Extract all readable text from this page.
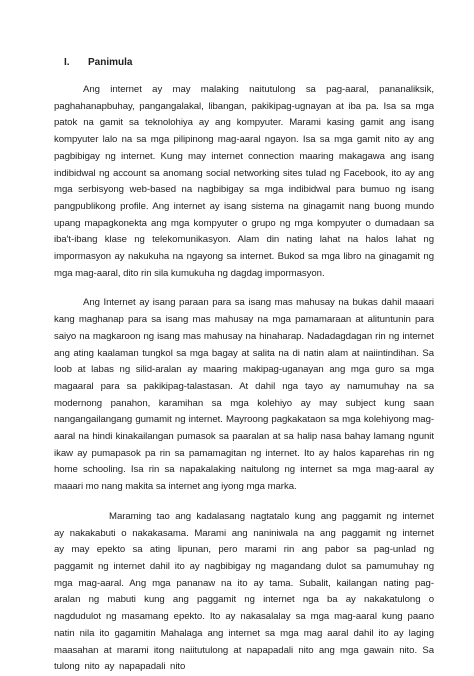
I.	Panimula

Ang internet ay may malaking naitutulong sa pag-aaral, pananaliksik, paghahanapbuhay, pangangalakal, libangan, pakikipag-ugnayan at iba pa. Isa sa mga patok na gamit sa teknolohiya ay ang kompyuter. Marami kasing gamit ang isang kompyuter lalo na sa mga pilipinong mag-aaral ngayon. Isa sa mga gamit nito ay ang pagbibigay ng internet. Kung may internet connection maaring makagawa ang isang indibidwal ng account sa anomang social networking sites tulad ng Facebook, ito ay ang mga serbisyong web-based na nagbibigay sa mga indibidwal para bumuo ng isang pangpublikong profile. Ang internet ay isang sistema na ginagamit nang buong mundo upang mapagkonekta ang mga kompyuter o grupo ng mga kompyuter o dumadaan sa iba't-ibang klase ng telekomunikasyon. Alam din nating lahat na halos lahat ng impormasyon ay nakukuha na ngayong sa internet. Bukod sa mga libro na ginagamit ng mga mag-aaral, dito rin sila kumukuha ng dagdag impormasyon.

Ang Internet ay isang paraan para sa isang mas mahusay na bukas dahil maaari kang maghanap para sa isang mas mahusay na mga pamamaraan at alituntunin para saiyo na magkaroon ng isang mas mahusay na hinaharap. Nadadagdagan rin ng internet ang ating kaalaman tungkol sa mga bagay at salita na di natin alam at naiintindihan. Sa loob at labas ng silid-aralan ay maaring makipag-uganayan ang mga guro sa mga magaaral para sa pakikipag-talastasan. At dahil nga tayo ay namumuhay na sa modernong panahon, karamihan sa mga kolehiyo ay may subject kung saan nangangailangang gumamit ng internet. Mayroong pagkakataon sa mga kolehiyong mag-aaral na hindi kinakailangan pumasok sa paaralan at sa halip nasa bahay lamang ngunit ikaw ay pumapasok pa rin sa pamamagitan ng internet. Ito ay halos kaparehas rin ng home schooling. Isa rin sa napakalaking naitulong ng internet sa mga mag-aaral ay maaari mo nang makita sa internet ang iyong mga marka.

Maraming tao ang kadalasang nagtatalo kung ang paggamit ng internet ay nakakabuti o nakakasama. Marami ang naniniwala na ang paggamit ng internet ay may epekto sa ating lipunan, pero marami rin ang pabor sa pag-unlad ng paggamit ng internet dahil ito ay nagbibigay ng magandang dulot sa pamumuhay ng mga mag-aaral. Ang mga pananaw na ito ay tama. Subalit, kailangan nating pag-aralan ng mabuti kung ang paggamit ng internet nga ba ay nakakatulong o nagdudulot ng masamang epekto. Ito ay nakasalalay sa mga mag-aaral kung paano natin nila ito gagamitin Mahalaga ang internet sa mga mag aaral dahil ito ay laging maasahan at marami itong naiitutulong at napapadali nito ang mga gawain nito. Sa tulong nito ay napapadali nito
